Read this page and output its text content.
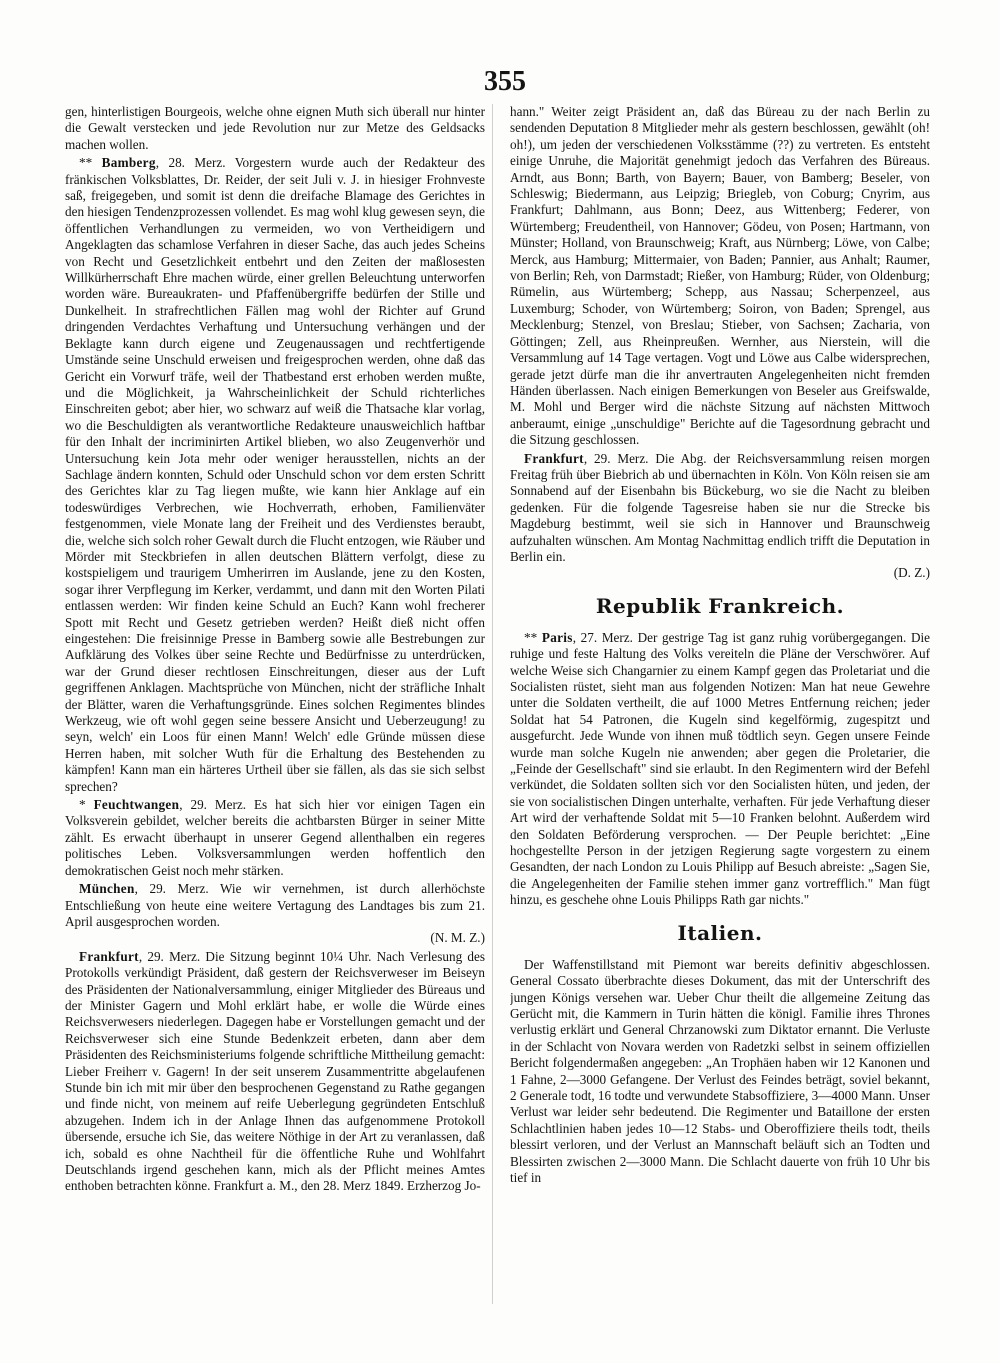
355

gen, hinterlistigen Bourgeois, welche ohne eignen Muth sich überall nur hinter die Gewalt verstecken und jede Revolution nur zur Metze des Geldsacks machen wollen.

** Bamberg, 28. Merz. Vorgestern wurde auch der Redakteur des fränkischen Volksblattes, Dr. Reider, der seit Juli v. J. in hiesiger Frohnveste saß, freigegeben, und somit ist denn die dreifache Blamage des Gerichtes in den hiesigen Tendenzprozessen vollendet. Es mag wohl klug gewesen seyn, die öffentlichen Verhandlungen zu vermeiden, wo von Vertheidigern und Angeklagten das schamlose Verfahren in dieser Sache, das auch jedes Scheins von Recht und Gesetzlichkeit entbehrt und den Zeiten der maßlosesten Willkürherrschaft Ehre machen würde, einer grellen Beleuchtung unterworfen worden wäre. Bureaukraten- und Pfaffenübergriffe bedürfen der Stille und Dunkelheit. In strafrechtlichen Fällen mag wohl der Richter auf Grund dringenden Verdachtes Verhaftung und Untersuchung verhängen und der Beklagte kann durch eigene und Zeugenaussagen und rechtfertigende Umstände seine Unschuld erweisen und freigesprochen werden, ohne daß das Gericht ein Vorwurf träfe, weil der Thatbestand erst erhoben werden mußte, und die Möglichkeit, ja Wahrscheinlichkeit der Schuld richterliches Einschreiten gebot; aber hier, wo schwarz auf weiß die Thatsache klar vorlag, wo die Beschuldigten als verantwortliche Redakteure unausweichlich haftbar für den Inhalt der incriminirten Artikel blieben, wo also Zeugenverhör und Untersuchung kein Jota mehr oder weniger herausstellen, nichts an der Sachlage ändern konnten, Schuld oder Unschuld schon vor dem ersten Schritt des Gerichtes klar zu Tag liegen mußte, wie kann hier Anklage auf ein todeswürdiges Verbrechen, wie Hochverrath, erhoben, Familienväter festgenommen, viele Monate lang der Freiheit und des Verdienstes beraubt, die, welche sich solch roher Gewalt durch die Flucht entzogen, wie Räuber und Mörder mit Steckbriefen in allen deutschen Blättern verfolgt, diese zu kostspieligem und traurigem Umherirren im Auslande, jene zu den Kosten, sogar ihrer Verpflegung im Kerker, verdammt, und dann mit den Worten Pilati entlassen werden: Wir finden keine Schuld an Euch? Kann wohl frecherer Spott mit Recht und Gesetz getrieben werden? Heißt dieß nicht offen eingestehen: Die freisinnige Presse in Bamberg sowie alle Bestrebungen zur Aufklärung des Volkes über seine Rechte und Bedürfnisse zu unterdrücken, war der Grund dieser rechtlosen Einschreitungen, dieser aus der Luft gegriffenen Anklagen. Machtsprüche von München, nicht der sträfliche Inhalt der Blätter, waren die Verhaftungsgründe. Eines solchen Regimentes blindes Werkzeug, wie oft wohl gegen seine bessere Ansicht und Ueberzeugung! zu seyn, welch' ein Loos für einen Mann! Welch' edle Gründe müssen diese Herren haben, mit solcher Wuth für die Erhaltung des Bestehenden zu kämpfen! Kann man ein härteres Urtheil über sie fällen, als das sie sich selbst sprechen?

* Feuchtwangen, 29. Merz. Es hat sich hier vor einigen Tagen ein Volksverein gebildet, welcher bereits die achtbarsten Bürger in seiner Mitte zählt. Es erwacht überhaupt in unserer Gegend allenthalben ein regeres politisches Leben. Volksversammlungen werden hoffentlich den demokratischen Geist noch mehr stärken.

München, 29. Merz. Wie wir vernehmen, ist durch allerhöchste Entschließung von heute eine weitere Vertagung des Landtages bis zum 21. April ausgesprochen worden.
(N. M. Z.)

Frankfurt, 29. Merz. Die Sitzung beginnt 10¼ Uhr. Nach Verlesung des Protokolls verkündigt Präsident, daß gestern der Reichsverweser im Beiseyn des Präsidenten der Nationalversammlung, einiger Mitglieder des Büreaus und der Minister Gagern und Mohl erklärt habe, er wolle die Würde eines Reichsverwesers niederlegen. Dagegen habe er Vorstellungen gemacht und der Reichsverweser sich eine Stunde Bedenkzeit erbeten, dann aber dem Präsidenten des Reichsministeriums folgende schriftliche Mittheilung gemacht: Lieber Freiherr v. Gagern! In der seit unserem Zusammentritte abgelaufenen Stunde bin ich mit mir über den besprochenen Gegenstand zu Rathe gegangen und finde nicht, von meinem auf reife Ueberlegung gegründeten Entschluß abzugehen. Indem ich in der Anlage Ihnen das aufgenommene Protokoll übersende, ersuche ich Sie, das weitere Nöthige in der Art zu veranlassen, daß ich, sobald es ohne Nachtheil für die öffentliche Ruhe und Wohlfahrt Deutschlands irgend geschehen kann, mich als der Pflicht meines Amtes enthoben betrachten könne. Frankfurt a. M., den 28. Merz 1849. Erzherzog Jo-

hann." Weiter zeigt Präsident an, daß das Büreau zu der nach Berlin zu sendenden Deputation 8 Mitglieder mehr als gestern beschlossen, gewählt (oh! oh!), um jeden der verschiedenen Volksstämme (??) zu vertreten. Es entsteht einige Unruhe, die Majorität genehmigt jedoch das Verfahren des Büreaus. Arndt, aus Bonn; Barth, von Bayern; Bauer, von Bamberg; Beseler, von Schleswig; Biedermann, aus Leipzig; Briegleb, von Coburg; Cnyrim, aus Frankfurt; Dahlmann, aus Bonn; Deez, aus Wittenberg; Federer, von Würtemberg; Freudentheil, von Hannover; Gödeu, von Posen; Hartmann, von Münster; Holland, von Braunschweig; Kraft, aus Nürnberg; Löwe, von Calbe; Merck, aus Hamburg; Mittermaier, von Baden; Pannier, aus Anhalt; Raumer, von Berlin; Reh, von Darmstadt; Rießer, von Hamburg; Rüder, von Oldenburg; Rümelin, aus Würtemberg; Schepp, aus Nassau; Scherpenzeel, aus Luxemburg; Schoder, von Würtemberg; Soiron, von Baden; Sprengel, aus Mecklenburg; Stenzel, von Breslau; Stieber, von Sachsen; Zacharia, von Göttingen; Zell, aus Rheinpreußen. Wernher, aus Nierstein, will die Versammlung auf 14 Tage vertagen. Vogt und Löwe aus Calbe widersprechen, gerade jetzt dürfe man die ihr anvertrauten Angelegenheiten nicht fremden Händen überlassen. Nach einigen Bemerkungen von Beseler aus Greifswalde, M. Mohl und Berger wird die nächste Sitzung auf nächsten Mittwoch anberaumt, einige „unschuldige" Berichte auf die Tagesordnung gebracht und die Sitzung geschlossen.

Frankfurt, 29. Merz. Die Abg. der Reichsversammlung reisen morgen Freitag früh über Biebrich ab und übernachten in Köln. Von Köln reisen sie am Sonnabend auf der Eisenbahn bis Bückeburg, wo sie die Nacht zu bleiben gedenken. Für die folgende Tagesreise haben sie nur die Strecke bis Magdeburg bestimmt, weil sie sich in Hannover und Braunschweig aufzuhalten wünschen. Am Montag Nachmittag endlich trifft die Deputation in Berlin ein.
(D. Z.)

Republik Frankreich.

** Paris, 27. Merz. Der gestrige Tag ist ganz ruhig vorübergegangen. Die ruhige und feste Haltung des Volks vereiteln die Pläne der Verschwörer. Auf welche Weise sich Changarnier zu einem Kampf gegen das Proletariat und die Socialisten rüstet, sieht man aus folgenden Notizen: Man hat neue Gewehre unter die Soldaten vertheilt, die auf 1000 Metres Entfernung reichen; jeder Soldat hat 54 Patronen, die Kugeln sind kegelförmig, zugespitzt und ausgefurcht. Jede Wunde von ihnen muß tödtlich seyn. Gegen unsere Feinde wurde man solche Kugeln nie anwenden; aber gegen die Proletarier, die „Feinde der Gesellschaft" sind sie erlaubt. In den Regimentern wird der Befehl verkündet, die Soldaten sollten sich vor den Socialisten hüten, und jeden, der sie von socialistischen Dingen unterhalte, verhaften. Für jede Verhaftung dieser Art wird der verhaftende Soldat mit 5—10 Franken belohnt. Außerdem wird den Soldaten Beförderung versprochen. — Der Peuple berichtet: „Eine hochgestellte Person in der jetzigen Regierung sagte vorgestern zu einem Gesandten, der nach London zu Louis Philipp auf Besuch abreiste: „Sagen Sie, die Angelegenheiten der Familie stehen immer ganz vortrefflich." Man fügt hinzu, es geschehe ohne Louis Philipps Rath gar nichts."

Italien.

Der Waffenstillstand mit Piemont war bereits definitiv abgeschlossen. General Cossato überbrachte dieses Dokument, das mit der Unterschrift des jungen Königs versehen war. Ueber Chur theilt die allgemeine Zeitung das Gerücht mit, die Kammern in Turin hätten die königl. Familie ihres Thrones verlustig erklärt und General Chrzanowski zum Diktator ernannt. Die Verluste in der Schlacht von Novara werden von Radetzki selbst in seinem offiziellen Bericht folgendermaßen angegeben: „An Trophäen haben wir 12 Kanonen und 1 Fahne, 2—3000 Gefangene. Der Verlust des Feindes beträgt, soviel bekannt, 2 Generale todt, 16 todte und verwundete Stabsoffiziere, 3—4000 Mann. Unser Verlust war leider sehr bedeutend. Die Regimenter und Bataillone der ersten Schlachtlinien haben jedes 10—12 Stabs- und Oberoffiziere theils todt, theils blessirt verloren, und der Verlust an Mannschaft beläuft sich an Todten und Blessirten zwischen 2—3000 Mann. Die Schlacht dauerte von früh 10 Uhr bis tief in
